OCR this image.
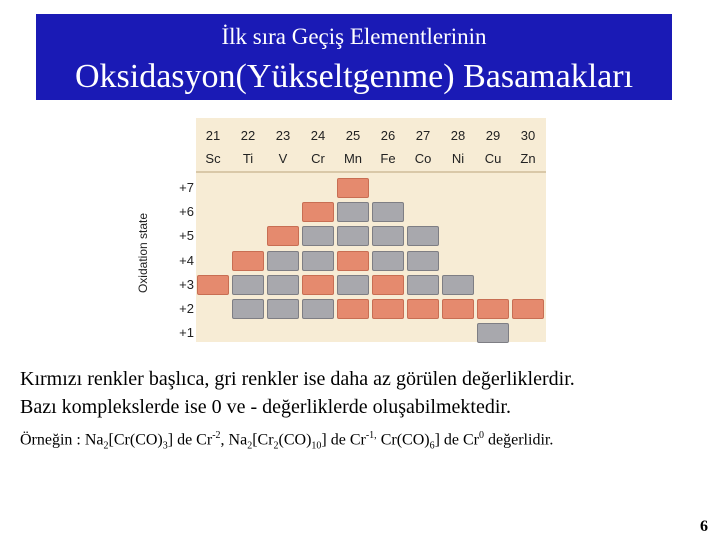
İlk sıra Geçiş Elementlerinin
Oksidasyon(Yükseltgenme) Basamakları
Oxidation state
21
Sc
22
Ti
23
V
24
Cr
25
Mn
26
Fe
27
Co
28
Ni
29
Cu
30
Zn
+7
+6
+5
+4
+3
+2
+1
Kırmızı renkler başlıca, gri renkler ise daha az görülen değerliklerdir.
Bazı komplekslerde ise 0 ve - değerliklerde oluşabilmektedir.
Örneğin : $Na_2[Cr(CO)_3]$ de $Cr^{-2}$, $Na_2[Cr_2(CO)_{10}]$ de $Cr^{-1,}$ $Cr(CO)_6$] de Cr$^0$ değerlidir.
6
